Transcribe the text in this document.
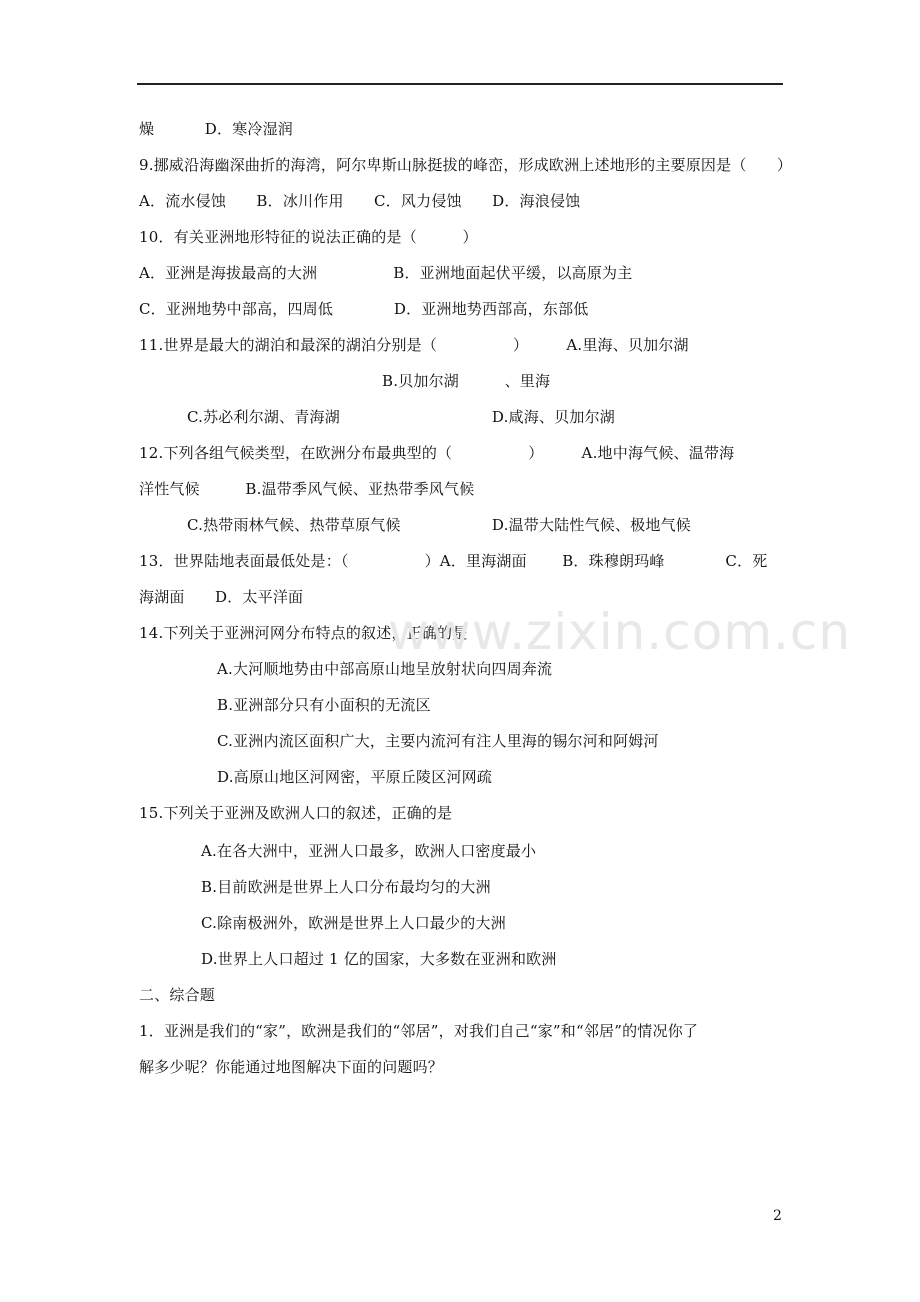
燥 　　　D．寒冷湿润
9.挪威沿海幽深曲折的海湾，阿尔卑斯山脉挺拔的峰峦，形成欧洲上述地形的主要原因是（　　）
A．流水侵蚀　　B．冰川作用　　C．风力侵蚀　　D．海浪侵蚀
10．有关亚洲地形特征的说法正确的是（　　　）
A．亚洲是海拔最高的大洲　　　　　B．亚洲地面起伏平缓，以高原为主
C．亚洲地势中部高，四周低　　　　D．亚洲地势西部高，东部低
11.世界是最大的湖泊和最深的湖泊分别是（　　　　　）　　　A.里海、贝加尔湖
B.贝加尔湖　　　、里海
C.苏必利尔湖、青海湖　　　　　　　　　　D.咸海、贝加尔湖
12.下列各组气候类型，在欧洲分布最典型的（　　　　　）　　　A.地中海气候、温带海
洋性气候　　　B.温带季风气候、亚热带季风气候
C.热带雨林气候、热带草原气候　　　　　　D.温带大陆性气候、极地气候
13．世界陆地表面最低处是：（　　　　　）A．里海湖面　　 B．珠穆朗玛峰　　　　C．死
海湖面　　D．太平洋面
14.下列关于亚洲河网分布特点的叙述，正确的是
A.大河顺地势由中部高原山地呈放射状向四周奔流
B.亚洲部分只有小面积的无流区
C.亚洲内流区面积广大，主要内流河有注人里海的锡尔河和阿姆河
D.高原山地区河网密，平原丘陵区河网疏
15.下列关于亚洲及欧洲人口的叙述，正确的是
A.在各大洲中，亚洲人口最多，欧洲人口密度最小
B.目前欧洲是世界上人口分布最均匀的大洲
C.除南极洲外，欧洲是世界上人口最少的大洲
D.世界上人口超过 1 亿的国家，大多数在亚洲和欧洲
二、综合题
1．亚洲是我们的“家”，欧洲是我们的“邻居”，对我们自己“家”和“邻居”的情况你了
解多少呢？你能通过地图解决下面的问题吗？
www.zixin.com.cn
2
